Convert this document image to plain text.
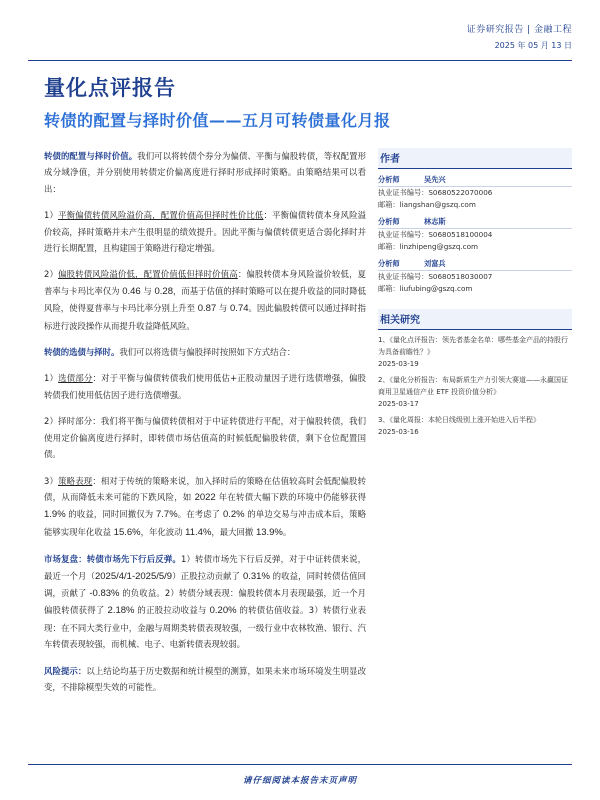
证券研究报告 | 金融工程
2025 年 05 月 13 日
量化点评报告
转债的配置与择时价值——五月可转债量化月报

转债的配置与择时价值。我们可以将转债个券分为偏债、平衡与偏股转债，等权配置形成分域净值，并分别使用转债定价偏离度进行择时形成择时策略。由策略结果可以看出：

1）平衡偏债转债风险溢价高，配置价值高但择时性价比低：平衡偏债转债本身风险溢价较高，择时策略并未产生很明显的绩效提升。因此平衡与偏债转债更适合弱化择时并进行长期配置，且构建国于策略进行稳定增强。

2）偏股转债风险溢价低，配置价值低但择时价值高：偏股转债本身风险溢价较低，夏普率与卡玛比率仅为 0.46 与 0.28，而基于估值的择时策略可以在提升收益的同时降低风险，使得夏普率与卡玛比率分别上升至 0.87 与 0.74。因此偏股转债可以通过择时指标进行波段操作从而提升收益降低风险。

转债的选债与择时。我们可以将选债与偏股择时按照如下方式结合：

1）选债部分：对于平衡与偏债转债我们使用低估+正股动量因子进行选债增强，偏股转债我们使用低估因子进行选债增强。

2）择时部分：我们将平衡与偏债转债相对于中证转债进行平配，对于偏股转债，我们使用定价偏离度进行择时，即转债市场估值高的时候低配偏股转债，剩下仓位配置国债。

3）策略表现：相对于传统的策略来说，加入择时后的策略在估值较高时会低配偏股转债，从而降低未来可能的下跌风险，如 2022 年在转债大幅下跌的环境中仍能够获得 1.9% 的收益，同时回撤仅为 7.7%。在考虑了 0.2% 的单边交易与冲击成本后，策略能够实现年化收益 15.6%，年化波动 11.4%，最大回撤 13.9%。

市场复盘：转债市场先下行后反弹。1）转债市场先下行后反弹，对于中证转债来说，最近一个月（2025/4/1-2025/5/9）正股拉动贡献了 0.31% 的收益，同时转债估值回调，贡献了 -0.83% 的负收益。2）转债分域表现：偏股转债本月表现最强，近一个月偏股转债获得了 2.18% 的正股拉动收益与 0.20% 的转债估值收益。3）转债行业表现：在不同大类行业中，金融与周期类转债表现较强，一级行业中农林牧渔、银行、汽车转债表现较强，而机械、电子、电新转债表现较弱。

风险提示：以上结论均基于历史数据和统计模型的测算，如果未来市场环境发生明显改变，不排除模型失效的可能性。

作者
分析师	吴先兴
执业证书编号：S0680522070006
邮箱：liangshan@gszq.com
分析师	林志斯
执业证书编号：S0680518100004
邮箱：linzhipeng@gszq.com
分析师	刘富兵
执业证书编号：S0680518030007
邮箱：liufubing@gszq.com
相关研究
1、《量化点评报告：领先者基金名单：哪些基金产品的持股行为具备前瞻性？》
2025-03-19
2、《量化分析报告：布局新质生产力引领大赛道——永赢国证商用卫星通信产业 ETF 投资价值分析》
2025-03-17
3、《量化周报：本轮日线级别上涨开始进入后半程》
2025-03-16
请仔细阅读本报告末页声明
